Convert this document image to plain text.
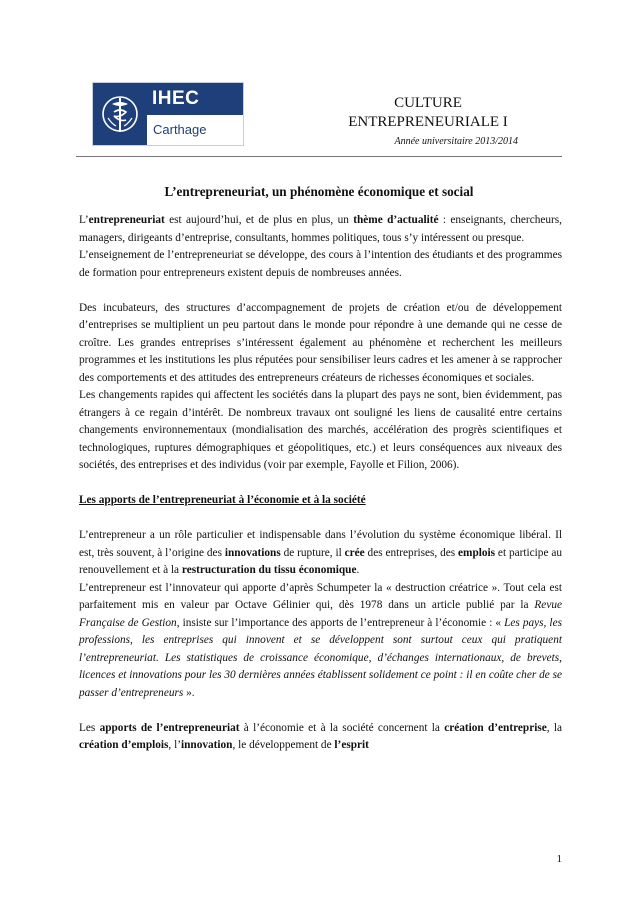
IHEC
Carthage
CULTURE
ENTREPRENEURIALE I
Année universitaire 2013/2014
L’entrepreneuriat, un phénomène économique et social

L’entrepreneuriat est aujourd’hui, et de plus en plus, un thème d’actualité : enseignants, chercheurs, managers, dirigeants d’entreprise, consultants, hommes politiques, tous s’y intéressent ou presque.

L’enseignement de l’entrepreneuriat se développe, des cours à l’intention des étudiants et des programmes de formation pour entrepreneurs existent depuis de nombreuses années.

Des incubateurs, des structures d’accompagnement de projets de création et/ou de développement d’entreprises se multiplient un peu partout dans le monde pour répondre à une demande qui ne cesse de croître. Les grandes entreprises s’intéressent également au phénomène et recherchent les meilleurs programmes et les institutions les plus réputées pour sensibiliser leurs cadres et les amener à se rapprocher des comportements et des attitudes des entrepreneurs créateurs de richesses économiques et sociales.

Les changements rapides qui affectent les sociétés dans la plupart des pays ne sont, bien évidemment, pas étrangers à ce regain d’intérêt. De nombreux travaux ont souligné les liens de causalité entre certains changements environnementaux (mondialisation des marchés, accélération des progrès scientifiques et technologiques, ruptures démographiques et géopolitiques, etc.) et leurs conséquences aux niveaux des sociétés, des entreprises et des individus (voir par exemple, Fayolle et Filion, 2006).

Les apports de l’entrepreneuriat à l’économie et à la société

L’entrepreneur a un rôle particulier et indispensable dans l’évolution du système économique libéral. Il est, très souvent, à l’origine des innovations de rupture, il crée des entreprises, des emplois et participe au renouvellement et à la restructuration du tissu économique.

L’entrepreneur est l’innovateur qui apporte d’après Schumpeter la « destruction créatrice ». Tout cela est parfaitement mis en valeur par Octave Gélinier qui, dès 1978 dans un article publié par la Revue Française de Gestion, insiste sur l’importance des apports de l’entrepreneur à l’économie : « Les pays, les professions, les entreprises qui innovent et se développent sont surtout ceux qui pratiquent l’entrepreneuriat. Les statistiques de croissance économique, d’échanges internationaux, de brevets, licences et innovations pour les 30 dernières années établissent solidement ce point : il en coûte cher de se passer d’entrepreneurs ».

Les apports de l’entrepreneuriat à l’économie et à la société concernent la création d’entreprise, la création d’emplois, l’innovation, le développement de l’esprit

1
